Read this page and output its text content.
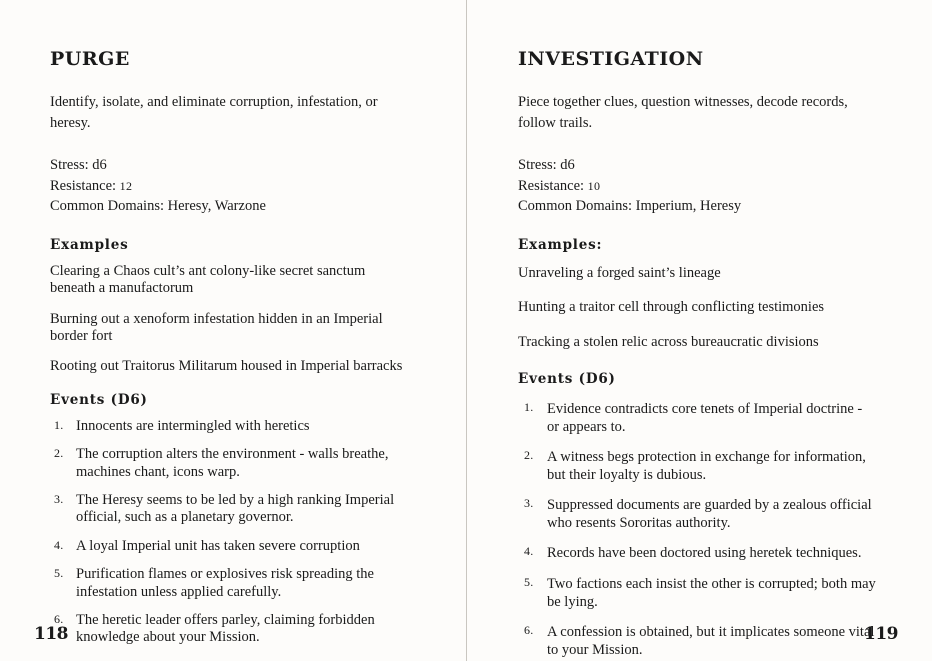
PURGE

Identify, isolate, and eliminate corruption, infestation, or heresy.

Stress: d6
Resistance: 12
Common Domains: Heresy, Warzone
Examples

Clearing a Chaos cult’s ant colony-like secret sanctum beneath a manufactorum

Burning out a xenoform infestation hidden in an Imperial border fort

Rooting out Traitorus Militarum housed in Imperial barracks

Events (D6)
Innocents are intermingled with heretics
The corruption alters the environment - walls breathe, machines chant, icons warp.
The Heresy seems to be led by a high ranking Imperial official, such as a planetary governor.
A loyal Imperial unit has taken severe corruption
Purification flames or explosives risk spreading the infestation unless applied carefully.
The heretic leader offers parley, claiming forbidden knowledge about your Mission.
118
INVESTIGATION

Piece together clues, question witnesses, decode records, follow trails.

Stress: d6
Resistance: 10
Common Domains: Imperium, Heresy
Examples:

Unraveling a forged saint’s lineage

Hunting a traitor cell through conflicting testimonies

Tracking a stolen relic across bureaucratic divisions

Events (D6)
Evidence contradicts core tenets of Imperial doctrine - or appears to.
A witness begs protection in exchange for information, but their loyalty is dubious.
Suppressed documents are guarded by a zealous official who resents Sororitas authority.
Records have been doctored using heretek techniques.
Two factions each insist the other is corrupted; both may be lying.
A confession is obtained, but it implicates someone vital to your Mission.
119
